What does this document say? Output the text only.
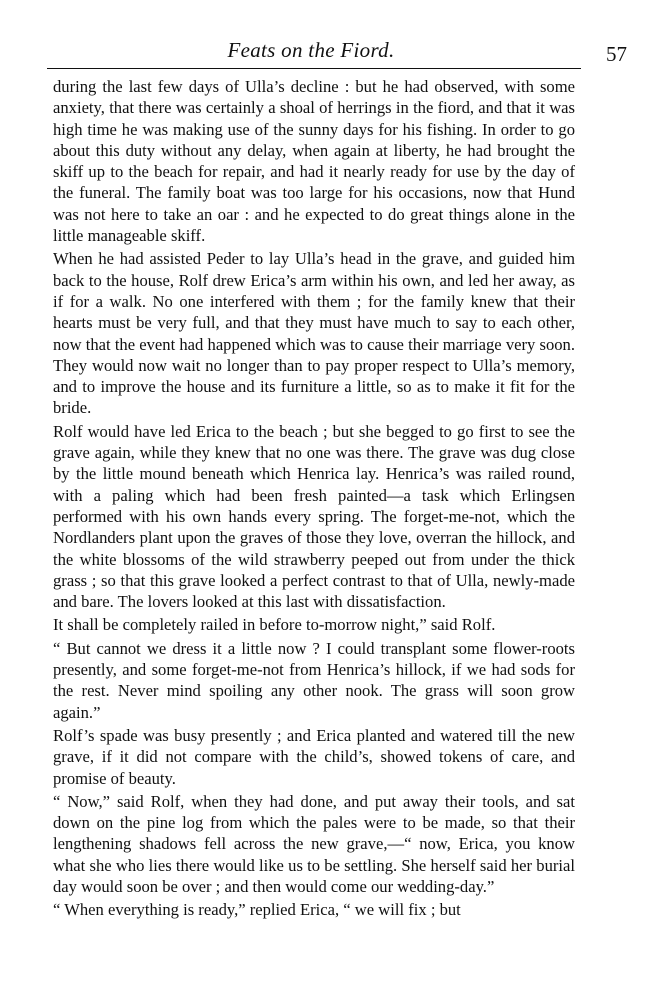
Feats on the Fiord.	57

during the last few days of Ulla’s decline : but he had observed, with some anxiety, that there was certainly a shoal of herrings in the fiord, and that it was high time he was making use of the sunny days for his fishing. In order to go about this duty without any delay, when again at liberty, he had brought the skiff up to the beach for repair, and had it nearly ready for use by the day of the funeral. The family boat was too large for his occasions, now that Hund was not here to take an oar : and he expected to do great things alone in the little manageable skiff.

When he had assisted Peder to lay Ulla’s head in the grave, and guided him back to the house, Rolf drew Erica’s arm within his own, and led her away, as if for a walk. No one interfered with them ; for the family knew that their hearts must be very full, and that they must have much to say to each other, now that the event had happened which was to cause their marriage very soon. They would now wait no longer than to pay proper respect to Ulla’s memory, and to improve the house and its furniture a little, so as to make it fit for the bride.

Rolf would have led Erica to the beach ; but she begged to go first to see the grave again, while they knew that no one was there. The grave was dug close by the little mound beneath which Henrica lay. Henrica’s was railed round, with a paling which had been fresh painted—a task which Erlingsen performed with his own hands every spring. The forget-me-not, which the Nordlanders plant upon the graves of those they love, overran the hillock, and the white blossoms of the wild strawberry peeped out from under the thick grass ; so that this grave looked a perfect contrast to that of Ulla, newly-made and bare. The lovers looked at this last with dissatisfaction.

It shall be completely railed in before to-morrow night,” said Rolf.

“ But cannot we dress it a little now ? I could transplant some flower-roots presently, and some forget-me-not from Henrica’s hillock, if we had sods for the rest. Never mind spoiling any other nook. The grass will soon grow again.”

Rolf’s spade was busy presently ; and Erica planted and watered till the new grave, if it did not compare with the child’s, showed tokens of care, and promise of beauty.

“ Now,” said Rolf, when they had done, and put away their tools, and sat down on the pine log from which the pales were to be made, so that their lengthening shadows fell across the new grave,—“ now, Erica, you know what she who lies there would like us to be settling. She herself said her burial day would soon be over ; and then would come our wedding-day.”

“ When everything is ready,” replied Erica, “ we will fix ; but
